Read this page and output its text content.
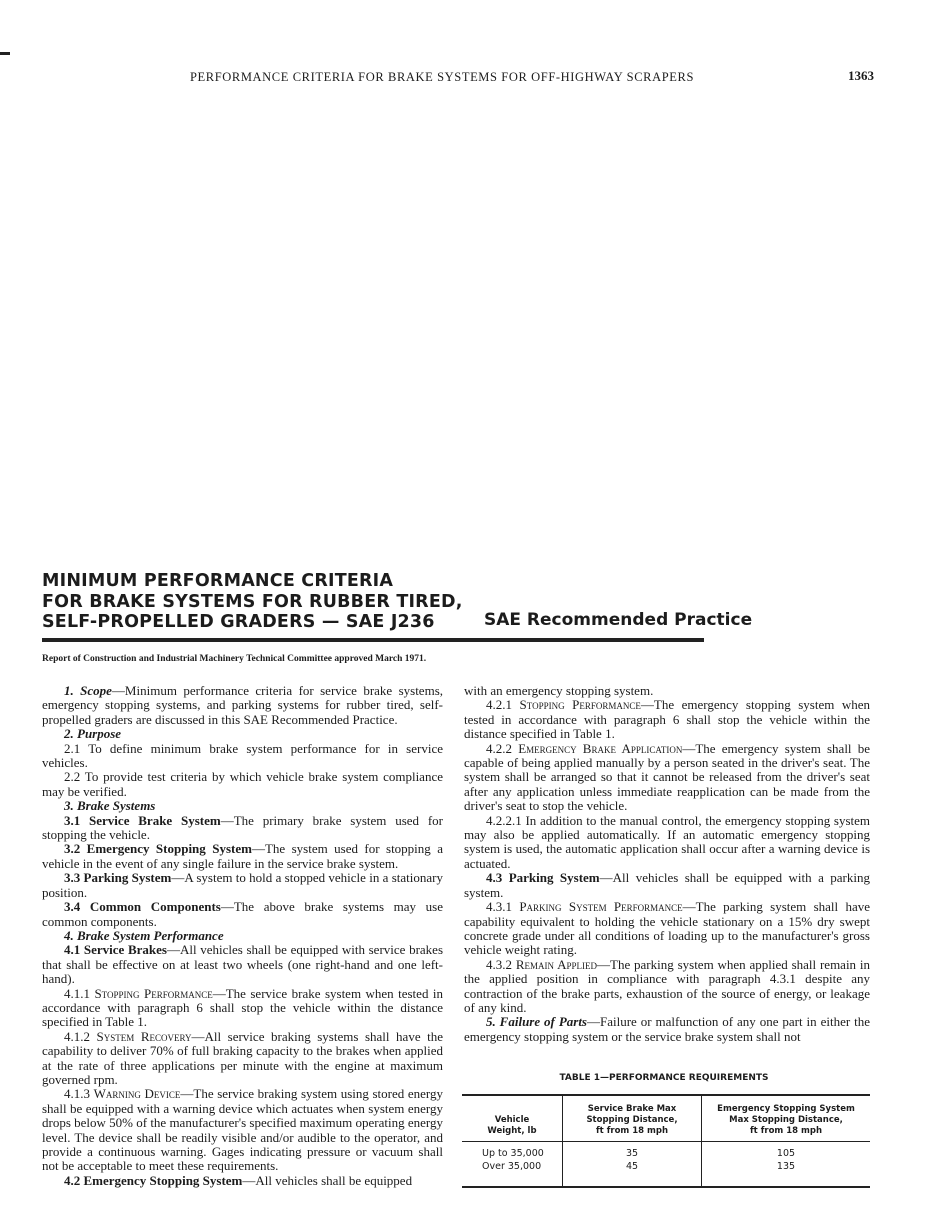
PERFORMANCE CRITERIA FOR BRAKE SYSTEMS FOR OFF-HIGHWAY SCRAPERS	1363
MINIMUM PERFORMANCE CRITERIA
FOR BRAKE SYSTEMS FOR RUBBER TIRED,
SELF-PROPELLED GRADERS — SAE J236	SAE Recommended Practice
Report of Construction and Industrial Machinery Technical Committee approved March 1971.

1. Scope—Minimum performance criteria for service brake systems, emergency stopping systems, and parking systems for rubber tired, self-propelled graders are discussed in this SAE Recommended Practice.

2. Purpose

2.1 To define minimum brake system performance for in service vehicles.

2.2 To provide test criteria by which vehicle brake system compliance may be verified.

3. Brake Systems

3.1 Service Brake System—The primary brake system used for stopping the vehicle.

3.2 Emergency Stopping System—The system used for stopping a vehicle in the event of any single failure in the service brake system.

3.3 Parking System—A system to hold a stopped vehicle in a stationary position.

3.4 Common Components—The above brake systems may use common components.

4. Brake System Performance

4.1 Service Brakes—All vehicles shall be equipped with service brakes that shall be effective on at least two wheels (one right-hand and one left-hand).

4.1.1 Stopping Performance—The service brake system when tested in accordance with paragraph 6 shall stop the vehicle within the distance specified in Table 1.

4.1.2 System Recovery—All service braking systems shall have the capability to deliver 70% of full braking capacity to the brakes when applied at the rate of three applications per minute with the engine at maximum governed rpm.

4.1.3 Warning Device—The service braking system using stored energy shall be equipped with a warning device which actuates when system energy drops below 50% of the manufacturer's specified maximum operating energy level. The device shall be readily visible and/or audible to the operator, and provide a continuous warning. Gages indicating pressure or vacuum shall not be acceptable to meet these requirements.

4.2 Emergency Stopping System—All vehicles shall be equipped

with an emergency stopping system.

4.2.1 Stopping Performance—The emergency stopping system when tested in accordance with paragraph 6 shall stop the vehicle within the distance specified in Table 1.

4.2.2 Emergency Brake Application—The emergency system shall be capable of being applied manually by a person seated in the driver's seat. The system shall be arranged so that it cannot be released from the driver's seat after any application unless immediate reapplication can be made from the driver's seat to stop the vehicle.

4.2.2.1 In addition to the manual control, the emergency stopping system may also be applied automatically. If an automatic emergency stopping system is used, the automatic application shall occur after a warning device is actuated.

4.3 Parking System—All vehicles shall be equipped with a parking system.

4.3.1 Parking System Performance—The parking system shall have capability equivalent to holding the vehicle stationary on a 15% dry swept concrete grade under all conditions of loading up to the manufacturer's gross vehicle weight rating.

4.3.2 Remain Applied—The parking system when applied shall remain in the applied position in compliance with paragraph 4.3.1 despite any contraction of the brake parts, exhaustion of the source of energy, or leakage of any kind.

5. Failure of Parts—Failure or malfunction of any one part in either the emergency stopping system or the service brake system shall not

TABLE 1—PERFORMANCE REQUIREMENTS
Vehicle
Weight, lb	Service Brake Max
Stopping Distance,
ft from 18 mph	Emergency Stopping System
Max Stopping Distance,
ft from 18 mph
Up to 35,000	35	105
Over 35,000	45	135
